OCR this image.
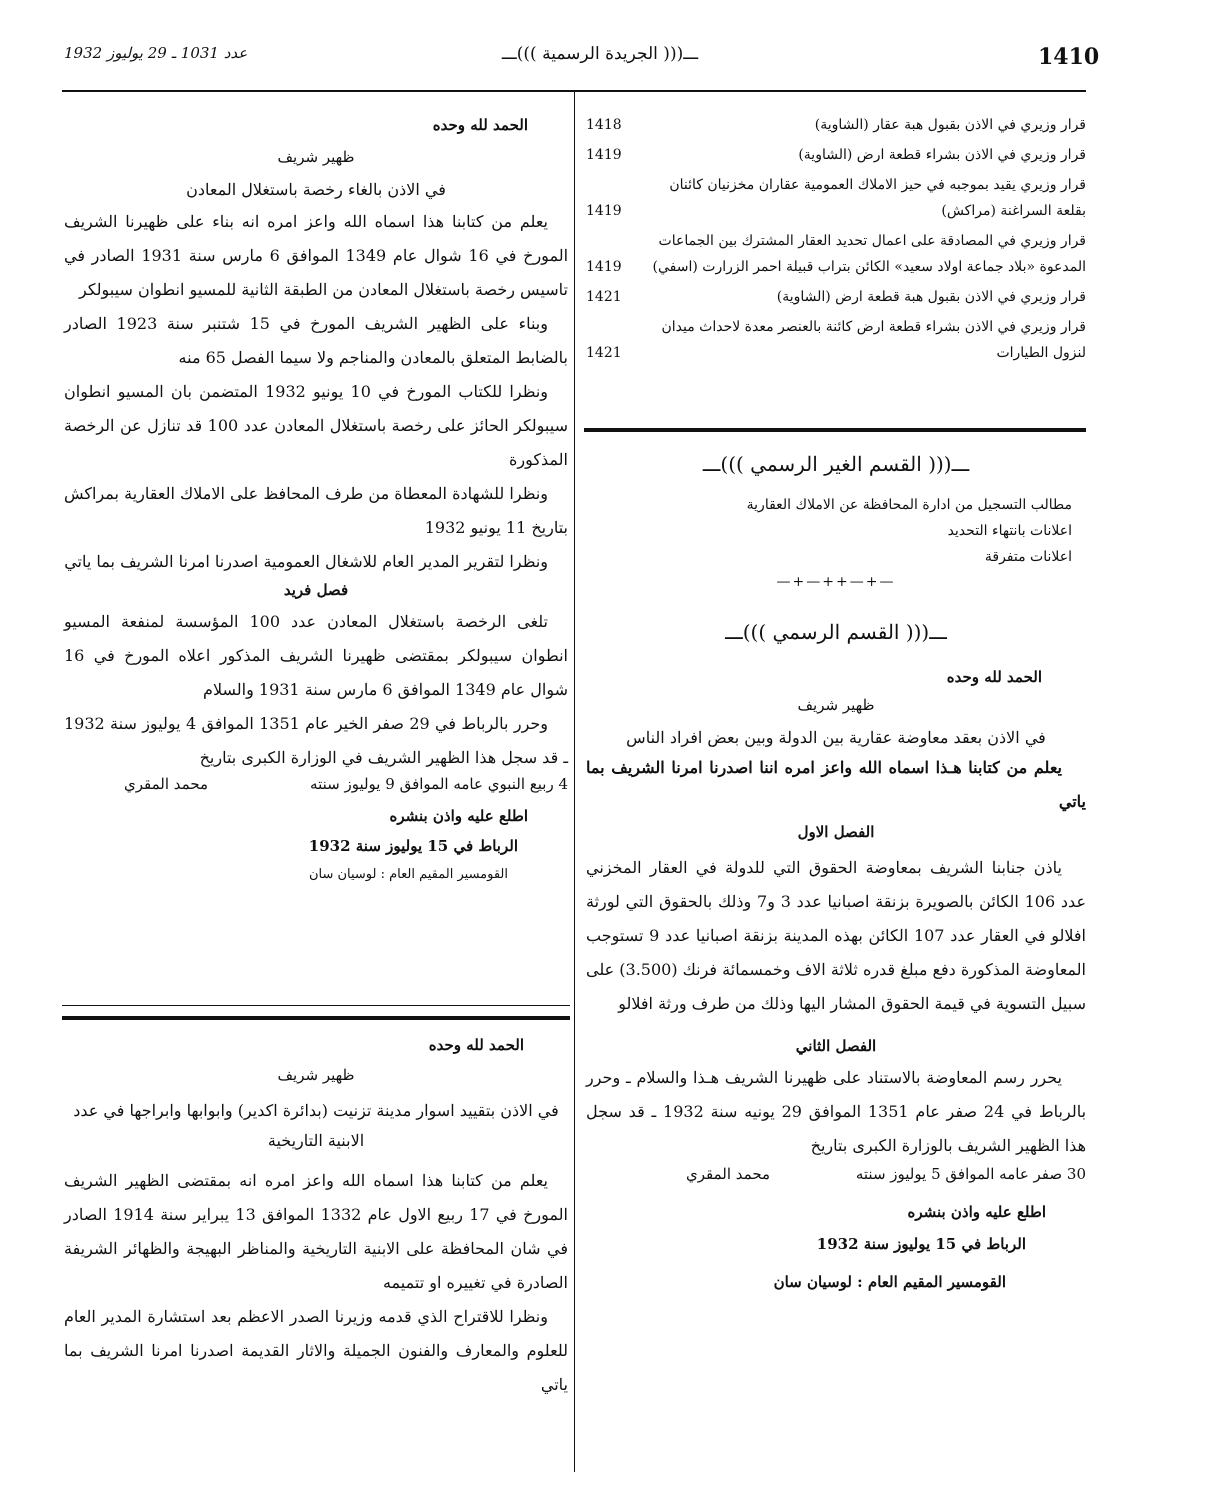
1410
ـــ((( الجريدة الرسمية )))ـــ
عدد 1031 ـ 29 يوليوز 1932
قرار وزيري في الاذن بقبول هبة عقار (الشاوية)
1418
قرار وزيري في الاذن بشراء قطعة ارض (الشاوية)
1419
قرار وزيري يقيد بموجبه في حيز الاملاك العمومية عقاران مخزنيان كائنان بقلعة السراغنة (مراكش)
1419
قرار وزيري في المصادقة على اعمال تحديد العقار المشترك بين الجماعات المدعوة «بلاد جماعة اولاد سعيد» الكائن بتراب قبيلة احمر الزرارت (اسفي)
1419
قرار وزيري في الاذن بقبول هبة قطعة ارض (الشاوية)
1421
قرار وزيري في الاذن بشراء قطعة ارض كائنة بالعنصر معدة لاحداث ميدان لنزول الطيارات
1421
ـــ((( القسم الغير الرسمي )))ـــ
مطالب التسجيل من ادارة المحافظة عن الاملاك العقارية
اعلانات بانتهاء التحديد
اعلانات متفرقة
—+—++—+—
ـــ((( القسم الرسمي )))ـــ
الحمد لله وحده
ظهير شريف
في الاذن بعقد معاوضة عقارية بين الدولة وبين بعض افراد الناس
يعلم من كتابنا هـذا اسماه الله واعز امره اننا اصدرنا امرنا الشريف بما ياتي
الفصل الاول
ياذن جنابنا الشريف بمعاوضة الحقوق التي للدولة في العقار المخزني عدد 106 الكائن بالصويرة بزنقة اصبانيا عدد 3 و7 وذلك بالحقوق التي لورثة افلالو في العقار عدد 107 الكائن بهذه المدينة بزنقة اصبانيا عدد 9 تستوجب المعاوضة المذكورة دفع مبلغ قدره ثلاثة الاف وخمسمائة فرنك (3.500) على سبيل التسوية في قيمة الحقوق المشار اليها وذلك من طرف ورثة افلالو
الفصل الثاني
يحرر رسم المعاوضة بالاستناد على ظهيرنا الشريف هـذا والسلام ـ وحرر بالرباط في 24 صفر عام 1351 الموافق 29 يونيه سنة 1932 ـ قد سجل هذا الظهير الشريف بالوزارة الكبرى بتاريخ
30 صفر عامه الموافق 5 يوليوز سنته
محمد المقري
اطلع عليه واذن بنشره
الرباط في 15 يوليوز سنة 1932
القومسير المقيم العام : لوسيان سان
الحمد لله وحده
ظهير شريف
في الاذن بالغاء رخصة باستغلال المعادن
يعلم من كتابنا هذا اسماه الله واعز امره انه بناء على ظهيرنا الشريف المورخ في 16 شوال عام 1349 الموافق 6 مارس سنة 1931 الصادر في تاسيس رخصة باستغلال المعادن من الطبقة الثانية للمسيو انطوان سيبولكر
وبناء على الظهير الشريف المورخ في 15 شتنبر سنة 1923 الصادر بالضابط المتعلق بالمعادن والمناجم ولا سيما الفصل 65 منه
ونظرا للكتاب المورخ في 10 يونيو 1932 المتضمن بان المسيو انطوان سيبولكر الحائز على رخصة باستغلال المعادن عدد 100 قد تنازل عن الرخصة المذكورة
ونظرا للشهادة المعطاة من طرف المحافظ على الاملاك العقارية بمراكش بتاريخ 11 يونيو 1932
ونظرا لتقرير المدير العام للاشغال العمومية اصدرنا امرنا الشريف بما ياتي
فصل فريد
تلغى الرخصة باستغلال المعادن عدد 100 المؤسسة لمنفعة المسيو انطوان سيبولكر بمقتضى ظهيرنا الشريف المذكور اعلاه المورخ في 16 شوال عام 1349 الموافق 6 مارس سنة 1931 والسلام
وحرر بالرباط في 29 صفر الخير عام 1351 الموافق 4 يوليوز سنة 1932 ـ قد سجل هذا الظهير الشريف في الوزارة الكبرى بتاريخ
4 ربيع النبوي عامه الموافق 9 يوليوز سنته
محمد المقري
اطلع عليه واذن بنشره
الرباط في 15 يوليوز سنة 1932
القومسير المقيم العام : لوسيان سان
الحمد لله وحده
ظهير شريف
في الاذن بتقييد اسوار مدينة تزنيت (بدائرة اكدير) وابوابها وابراجها في عدد الابنية التاريخية
يعلم من كتابنا هذا اسماه الله واعز امره انه بمقتضى الظهير الشريف المورخ في 17 ربيع الاول عام 1332 الموافق 13 يبراير سنة 1914 الصادر في شان المحافظة على الابنية التاريخية والمناظر البهيجة والظهائر الشريفة الصادرة في تغييره او تتميمه
ونظرا للاقتراح الذي قدمه وزيرنا الصدر الاعظم بعد استشارة المدير العام للعلوم والمعارف والفنون الجميلة والاثار القديمة اصدرنا امرنا الشريف بما ياتي
